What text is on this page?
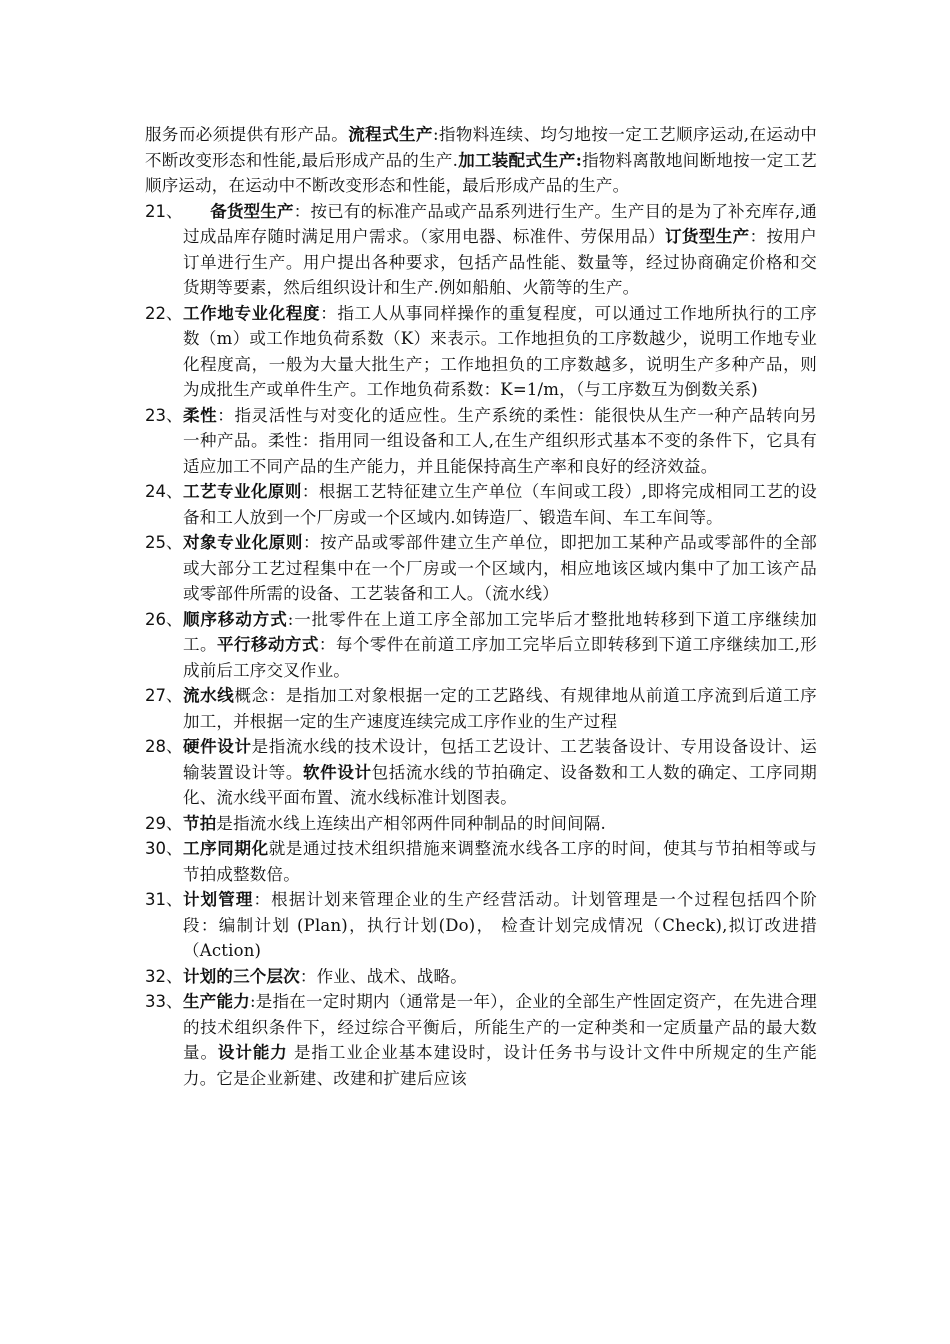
服务而必须提供有形产品。流程式生产:指物料连续、均匀地按一定工艺顺序运动,在运动中不断改变形态和性能,最后形成产品的生产.加工装配式生产:指物料离散地间断地按一定工艺顺序运动，在运动中不断改变形态和性能，最后形成产品的生产。

21、	备货型生产：按已有的标准产品或产品系列进行生产。生产目的是为了补充库存,通过成品库存随时满足用户需求。（家用电器、标准件、劳保用品）订货型生产：按用户订单进行生产。用户提出各种要求，包括产品性能、数量等，经过协商确定价格和交货期等要素，然后组织设计和生产.例如船舶、火箭等的生产。

22、 工作地专业化程度：指工人从事同样操作的重复程度，可以通过工作地所执行的工序数（m）或工作地负荷系数（K）来表示。工作地担负的工序数越少，说明工作地专业化程度高，一般为大量大批生产；工作地担负的工序数越多，说明生产多种产品，则为成批生产或单件生产。工作地负荷系数：K=1/m，（与工序数互为倒数关系)

23、 柔性：指灵活性与对变化的适应性。生产系统的柔性：能很快从生产一种产品转向另一种产品。柔性：指用同一组设备和工人,在生产组织形式基本不变的条件下，它具有适应加工不同产品的生产能力，并且能保持高生产率和良好的经济效益。

24、 工艺专业化原则：根据工艺特征建立生产单位（车间或工段）,即将完成相同工艺的设备和工人放到一个厂房或一个区域内.如铸造厂、锻造车间、车工车间等。

25、 对象专业化原则：按产品或零部件建立生产单位，即把加工某种产品或零部件的全部或大部分工艺过程集中在一个厂房或一个区域内，相应地该区域内集中了加工该产品或零部件所需的设备、工艺装备和工人。（流水线）

26、 顺序移动方式:一批零件在上道工序全部加工完毕后才整批地转移到下道工序继续加工。平行移动方式：每个零件在前道工序加工完毕后立即转移到下道工序继续加工,形成前后工序交叉作业。

27、 流水线概念：是指加工对象根据一定的工艺路线、有规律地从前道工序流到后道工序加工，并根据一定的生产速度连续完成工序作业的生产过程

28、 硬件设计是指流水线的技术设计，包括工艺设计、工艺装备设计、专用设备设计、运输装置设计等。软件设计包括流水线的节拍确定、设备数和工人数的确定、工序同期化、流水线平面布置、流水线标准计划图表。

29、 节拍是指流水线上连续出产相邻两件同种制品的时间间隔.

30、 工序同期化就是通过技术组织措施来调整流水线各工序的时间，使其与节拍相等或与节拍成整数倍。

31、 计划管理：根据计划来管理企业的生产经营活动。计划管理是一个过程包括四个阶段：编制计划 (Plan)，执行计划(Do)， 检查计划完成情况（Check),拟订改进措（Action)

32、 计划的三个层次：作业、战术、战略。

33、 生产能力:是指在一定时期内（通常是一年），企业的全部生产性固定资产，在先进合理的技术组织条件下，经过综合平衡后，所能生产的一定种类和一定质量产品的最大数量。设计能力 是指工业企业基本建设时，设计任务书与设计文件中所规定的生产能力。它是企业新建、改建和扩建后应该
